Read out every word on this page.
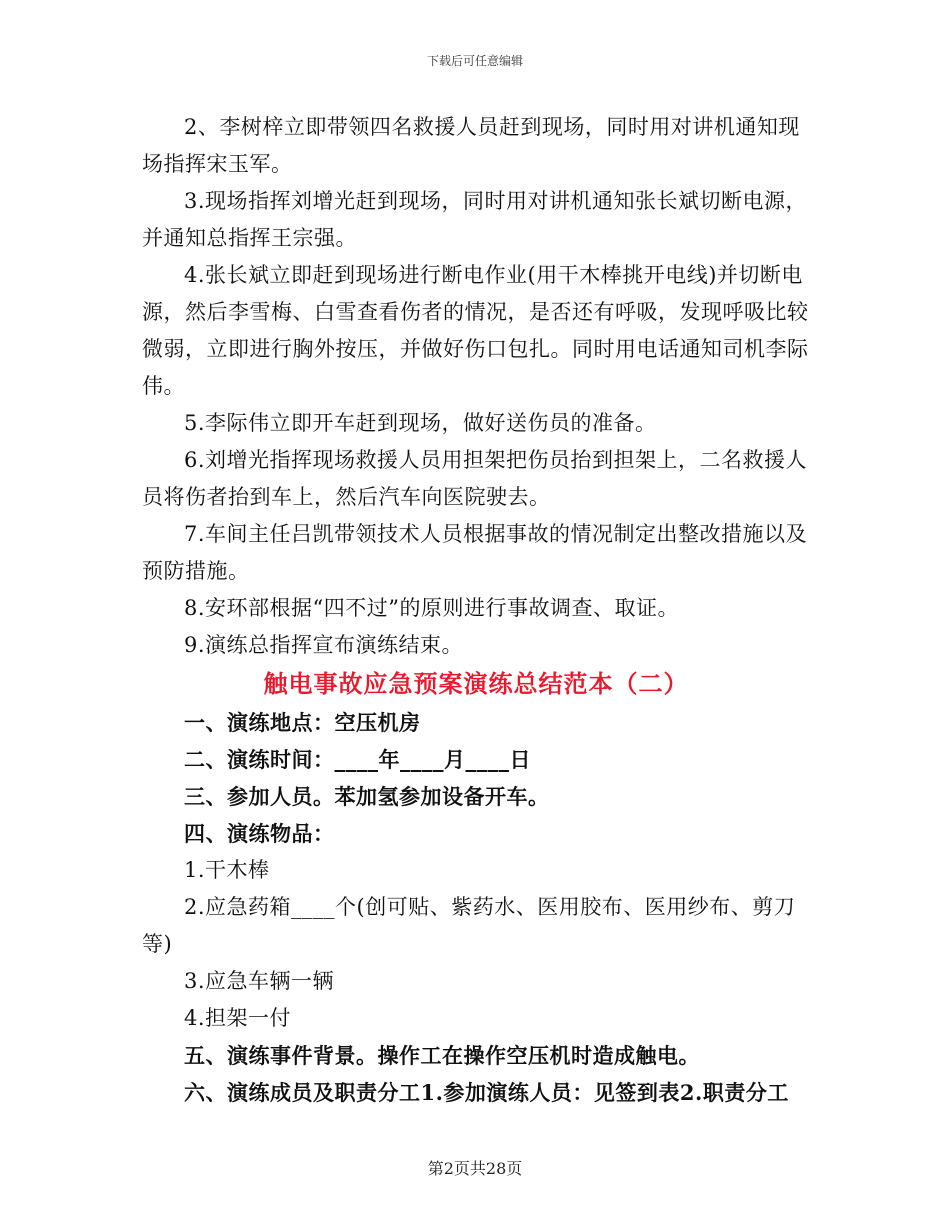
下载后可任意编辑

2、李树梓立即带领四名救援人员赶到现场，同时用对讲机通知现场指挥宋玉军。

3.现场指挥刘增光赶到现场，同时用对讲机通知张长斌切断电源，并通知总指挥王宗强。

4.张长斌立即赶到现场进行断电作业(用干木棒挑开电线)并切断电源，然后李雪梅、白雪查看伤者的情况，是否还有呼吸，发现呼吸比较微弱，立即进行胸外按压，并做好伤口包扎。同时用电话通知司机李际伟。

5.李际伟立即开车赶到现场，做好送伤员的准备。

6.刘增光指挥现场救援人员用担架把伤员抬到担架上，二名救援人员将伤者抬到车上，然后汽车向医院驶去。

7.车间主任吕凯带领技术人员根据事故的情况制定出整改措施以及预防措施。

8.安环部根据“四不过”的原则进行事故调查、取证。

9.演练总指挥宣布演练结束。

触电事故应急预案演练总结范本（二）

一、演练地点：空压机房

二、演练时间：____年____月____日

三、参加人员。苯加氢参加设备开车。

四、演练物品：

1.干木棒

2.应急药箱____个(创可贴、紫药水、医用胶布、医用纱布、剪刀等)

3.应急车辆一辆

4.担架一付

五、演练事件背景。操作工在操作空压机时造成触电。

六、演练成员及职责分工1.参加演练人员：见签到表2.职责分工

第2页共28页
